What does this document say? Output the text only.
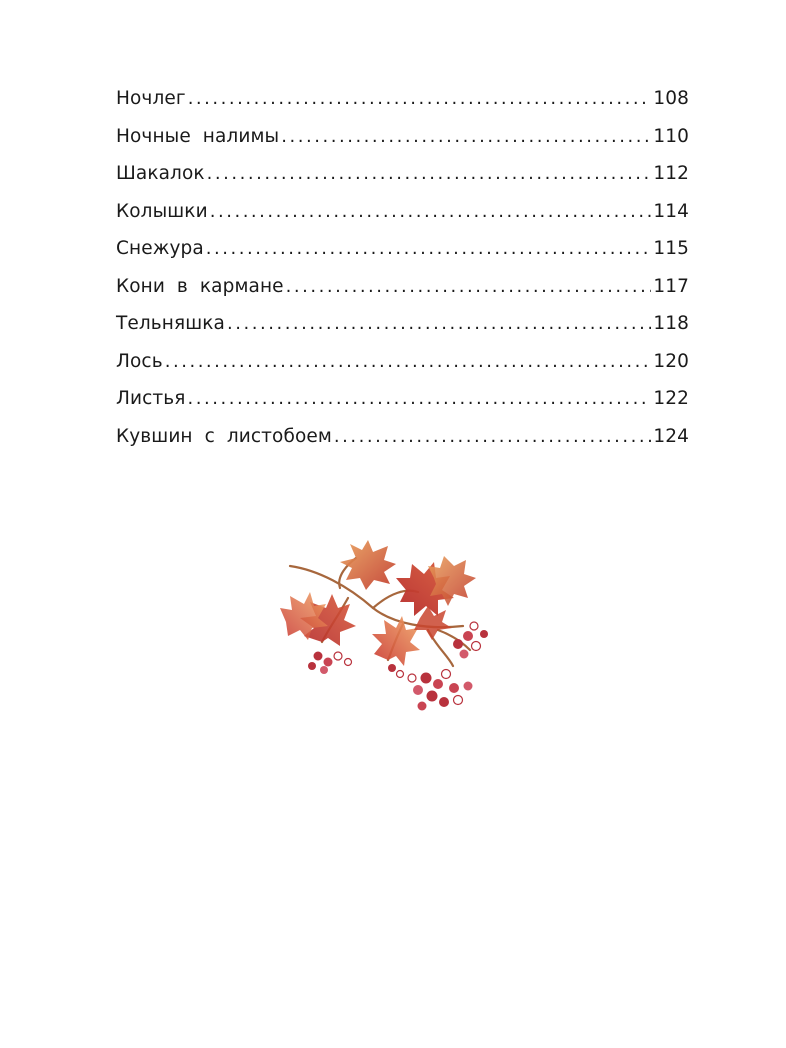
Ночлег . . .	108
Ночные  налимы . . .	110
Шакалок . . .	112
Колышки . . .	114
Снежура . . .	115
Кони  в  кармане . . .	117
Тельняшка . . .	118
Лось . . .	120
Листья . . .	122
Кувшин  с  листобоем . . .	124
